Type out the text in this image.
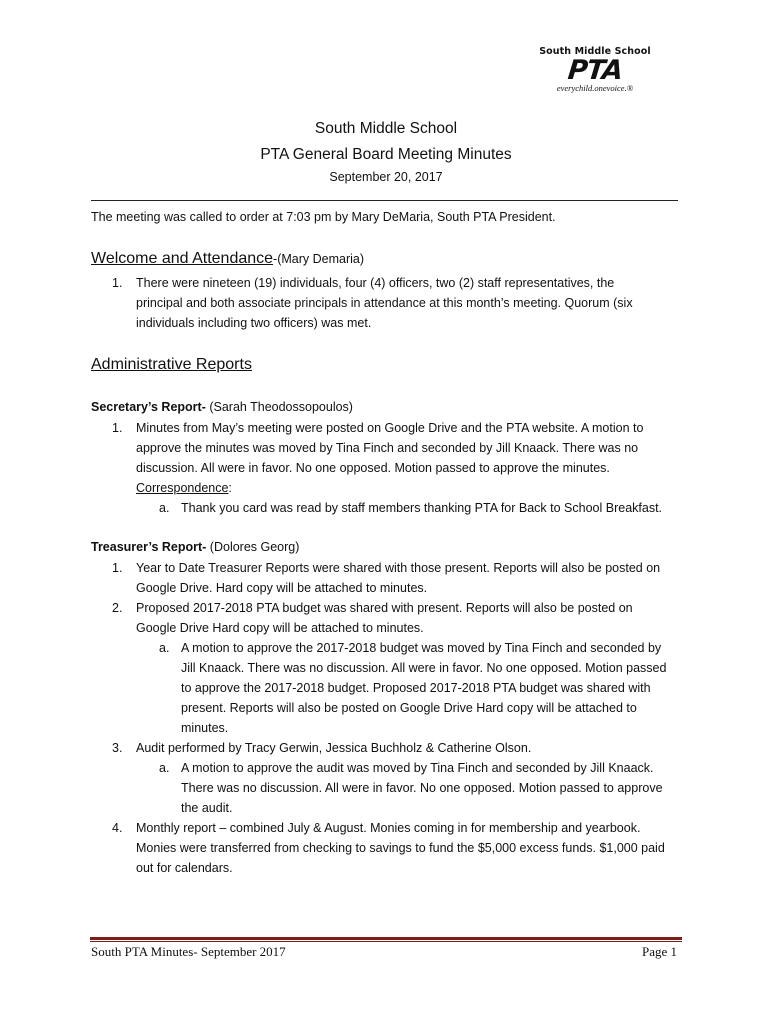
South Middle School
PTA
everychild.onevoice.®
South Middle School
PTA General Board Meeting Minutes
September 20, 2017
The meeting was called to order at 7:03 pm by Mary DeMaria, South PTA President.
Welcome and Attendance-(Mary Demaria)
1. There were nineteen (19) individuals, four (4) officers, two (2) staff representatives, the
principal and both associate principals in attendance at this month’s meeting. Quorum (six
individuals including two officers) was met.
Administrative Reports
Secretary’s Report- (Sarah Theodossopoulos)
1. Minutes from May’s meeting were posted on Google Drive and the PTA website. A motion to
approve the minutes was moved by Tina Finch and seconded by Jill Knaack. There was no
discussion. All were in favor. No one opposed. Motion passed to approve the minutes.
Correspondence:
a. Thank you card was read by staff members thanking PTA for Back to School Breakfast.
Treasurer’s Report- (Dolores Georg)
1. Year to Date Treasurer Reports were shared with those present. Reports will also be posted on
Google Drive. Hard copy will be attached to minutes.
2. Proposed 2017-2018 PTA budget was shared with present. Reports will also be posted on
Google Drive Hard copy will be attached to minutes.
a. A motion to approve the 2017-2018 budget was moved by Tina Finch and seconded by
Jill Knaack. There was no discussion. All were in favor. No one opposed. Motion passed
to approve the 2017-2018 budget. Proposed 2017-2018 PTA budget was shared with
present. Reports will also be posted on Google Drive Hard copy will be attached to
minutes.
3. Audit performed by Tracy Gerwin, Jessica Buchholz & Catherine Olson.
a. A motion to approve the audit was moved by Tina Finch and seconded by Jill Knaack.
There was no discussion. All were in favor. No one opposed. Motion passed to approve
the audit.
4. Monthly report – combined July & August. Monies coming in for membership and yearbook.
Monies were transferred from checking to savings to fund the $5,000 excess funds. $1,000 paid
out for calendars.
South PTA Minutes- September 2017	Page 1
